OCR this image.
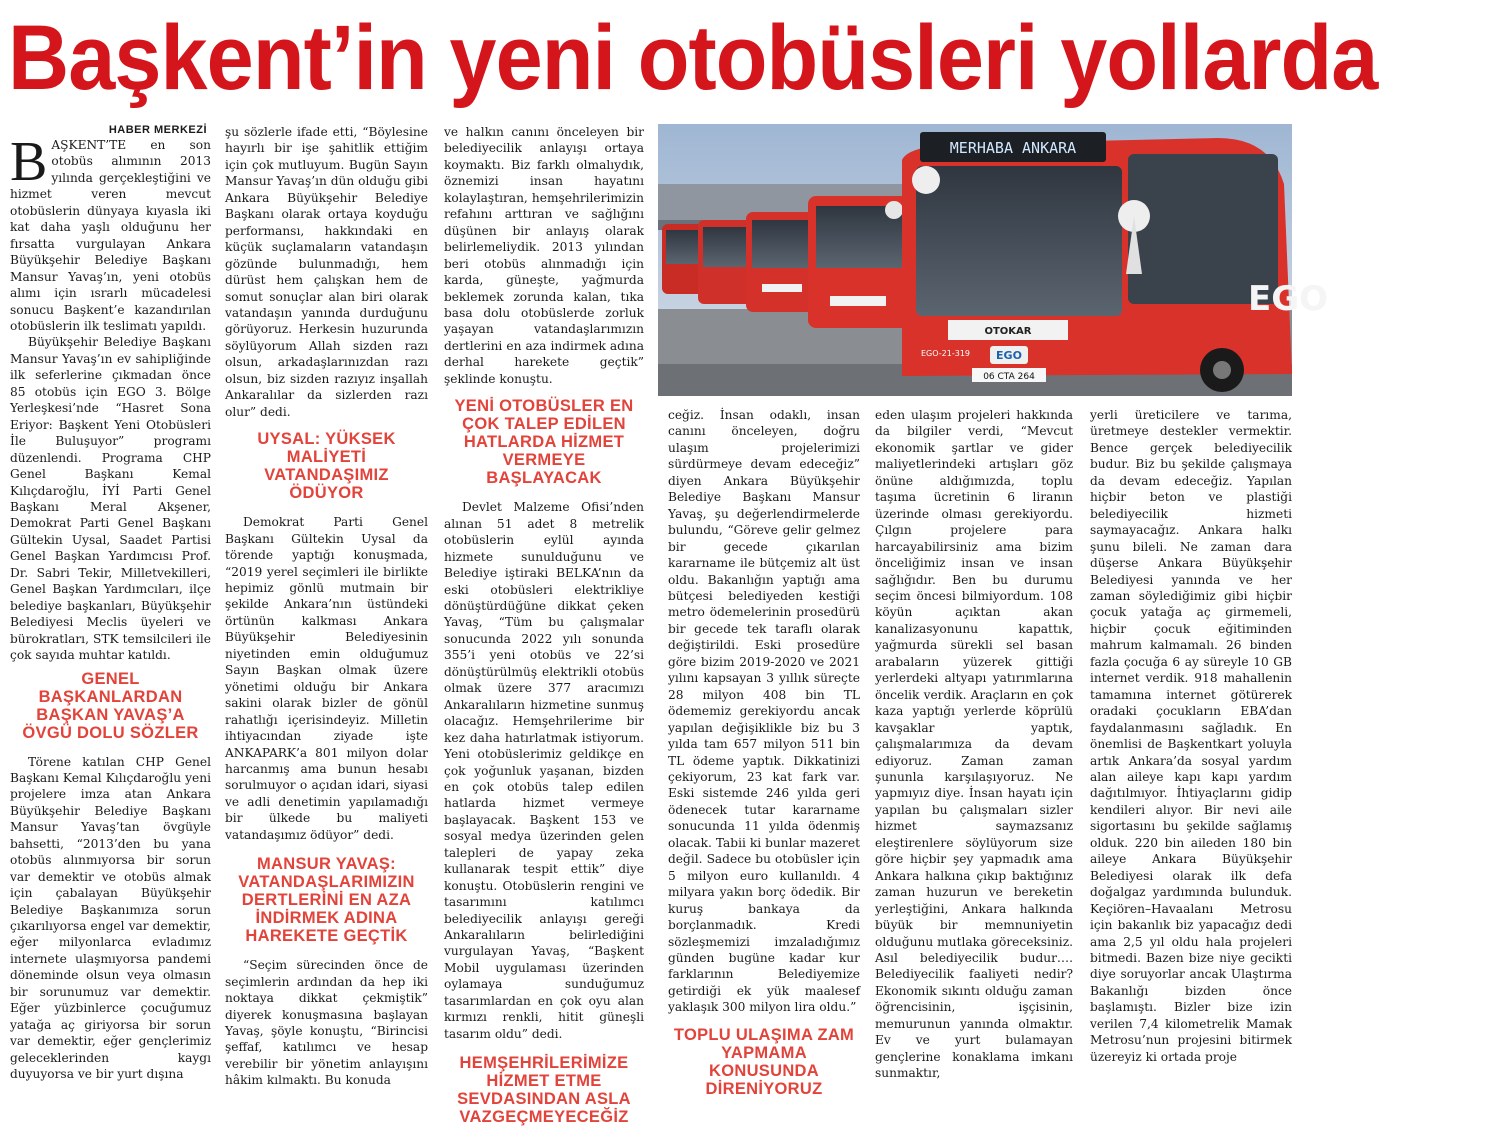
Başkent’in yeni otobüsleri yollarda
HABER MERKEZİ
B AŞKENT’TE en son otobüs alımının 2013 yılında gerçekleştiğini ve hizmet veren mevcut otobüslerin dünyaya kıyasla iki kat daha yaşlı olduğunu her fırsatta vurgulayan Ankara Büyükşehir Belediye Başkanı Mansur Yavaş’ın, yeni otobüs alımı için ısrarlı mücadelesi sonucu Başkent’e kazandırılan otobüslerin ilk teslimatı yapıldı.

Büyükşehir Belediye Başkanı Mansur Yavaş’ın ev sahipliğinde ilk seferlerine çıkmadan önce 85 otobüs için EGO 3. Bölge Yerleşkesi’nde “Hasret Sona Eriyor: Başkent Yeni Otobüsleri İle Buluşuyor” programı düzenlendi. Programa CHP Genel Başkanı Kemal Kılıçdaroğlu, İYİ Parti Genel Başkanı Meral Akşener, Demokrat Parti Genel Başkanı Gültekin Uysal, Saadet Partisi Genel Başkan Yardımcısı Prof. Dr. Sabri Tekir, Milletvekilleri, Genel Başkan Yardımcıları, ilçe belediye başkanları, Büyükşehir Belediyesi Meclis üyeleri ve bürokratları, STK temsilcileri ile çok sayıda muhtar katıldı.

GENEL BAŞKANLARDAN BAŞKAN YAVAŞ’A ÖVGÜ DOLU SÖZLER

Törene katılan CHP Genel Başkanı Kemal Kılıçdaroğlu yeni projelere imza atan Ankara Büyükşehir Belediye Başkanı Mansur Yavaş’tan övgüyle bahsetti, “2013’den bu yana otobüs alınmıyorsa bir sorun var demektir ve otobüs almak için çabalayan Büyükşehir Belediye Başkanımıza sorun çıkarılıyorsa engel var demektir, eğer milyonlarca evladımız internete ulaşmıyorsa pandemi döneminde olsun veya olmasın bir sorunumuz var demektir. Eğer yüzbinlerce çocuğumuz yatağa aç giriyorsa bir sorun var demektir, eğer gençlerimiz geleceklerinden kaygı duyuyorsa ve bir yurt dışına

şu sözlerle ifade etti, “Böylesine hayırlı bir işe şahitlik ettiğim için çok mutluyum. Bugün Sayın Mansur Yavaş’ın dün olduğu gibi Ankara Büyükşehir Belediye Başkanı olarak ortaya koyduğu performansı, hakkındaki en küçük suçlamaların vatandaşın gözünde bulunmadığı, hem dürüst hem çalışkan hem de somut sonuçlar alan biri olarak vatandaşın yanında durduğunu görüyoruz. Herkesin huzurunda söylüyorum Allah sizden razı olsun, arkadaşlarınızdan razı olsun, biz sizden razıyız inşallah Ankaralılar da sizlerden razı olur” dedi.

UYSAL: YÜKSEK MALİYETİ VATANDAŞIMIZ ÖDÜYOR

Demokrat Parti Genel Başkanı Gültekin Uysal da törende yaptığı konuşmada, “2019 yerel seçimleri ile birlikte hepimiz gönlü mutmain bir şekilde Ankara’nın üstündeki örtünün kalkması Ankara Büyükşehir Belediyesinin niyetinden emin olduğumuz Sayın Başkan olmak üzere yönetimi olduğu bir Ankara sakini olarak bizler de gönül rahatlığı içerisindeyiz. Milletin ihtiyacından ziyade işte ANKAPARK’a 801 milyon dolar harcanmış ama bunun hesabı sorulmuyor o açıdan idari, siyasi ve adli denetimin yapılamadığı bir ülkede bu maliyeti vatandaşımız ödüyor” dedi.

MANSUR YAVAŞ: VATANDAŞLARIMIZIN DERTLERİNİ EN AZA İNDİRMEK ADINA HAREKETE GEÇTİK

“Seçim sürecinden önce de seçimlerin ardından da hep iki noktaya dikkat çekmiştik” diyerek konuşmasına başlayan Yavaş, şöyle konuştu, “Birincisi şeffaf, katılımcı ve hesap verebilir bir yönetim anlayışını hâkim kılmaktı. Bu konuda

ve halkın canını önceleyen bir belediyecilik anlayışı ortaya koymaktı. Biz farklı olmalıydık, öznemizi insan hayatını kolaylaştıran, hemşehrilerimizin refahını arttıran ve sağlığını düşünen bir anlayış olarak belirlemeliydik. 2013 yılından beri otobüs alınmadığı için karda, güneşte, yağmurda beklemek zorunda kalan, tıka basa dolu otobüslerde zorluk yaşayan vatandaşlarımızın dertlerini en aza indirmek adına derhal harekete geçtik” şeklinde konuştu.

YENİ OTOBÜSLER EN ÇOK TALEP EDİLEN HATLARDA HİZMET VERMEYE BAŞLAYACAK

Devlet Malzeme Ofisi’nden alınan 51 adet 8 metrelik otobüslerin eylül ayında hizmete sunulduğunu ve Belediye iştiraki BELKA’nın da eski otobüsleri elektrikliye dönüştürdüğüne dikkat çeken Yavaş, “Tüm bu çalışmalar sonucunda 2022 yılı sonunda 355’i yeni otobüs ve 22’si dönüştürülmüş elektrikli otobüs olmak üzere 377 aracımızı Ankaralıların hizmetine sunmuş olacağız. Hemşehrilerime bir kez daha hatırlatmak istiyorum. Yeni otobüslerimiz geldikçe en çok yoğunluk yaşanan, bizden en çok otobüs talep edilen hatlarda hizmet vermeye başlayacak. Başkent 153 ve sosyal medya üzerinden gelen talepleri de yapay zeka kullanarak tespit ettik” diye konuştu. Otobüslerin rengini ve tasarımını katılımcı belediyecilik anlayışı gereği Ankaralıların belirlediğini vurgulayan Yavaş, “Başkent Mobil uygulaması üzerinden oylamaya sunduğumuz tasarımlardan en çok oyu alan kırmızı renkli, hitit güneşli tasarım oldu” dedi.

HEMŞEHRİLERİMİZE HİZMET ETME SEVDASINDAN ASLA VAZGEÇMEYECEĞİZ
MERHABA ANKARA
OTOKAR
EGO
06 CTA 264
EGO-21-319
EGO

ceğiz. İnsan odaklı, insan canını önceleyen, doğru ulaşım projelerimizi sürdürmeye devam edeceğiz” diyen Ankara Büyükşehir Belediye Başkanı Mansur Yavaş, şu değerlendirmelerde bulundu, “Göreve gelir gelmez bir gecede çıkarılan kararname ile bütçemiz alt üst oldu. Bakanlığın yaptığı ama bütçesi belediyeden kestiği metro ödemelerinin prosedürü bir gecede tek taraflı olarak değiştirildi. Eski prosedüre göre bizim 2019-2020 ve 2021 yılını kapsayan 3 yıllık süreçte 28 milyon 408 bin TL ödememiz gerekiyordu ancak yapılan değişiklikle biz bu 3 yılda tam 657 milyon 511 bin TL ödeme yaptık. Dikkatinizi çekiyorum, 23 kat fark var. Eski sistemde 246 yılda geri ödenecek tutar kararname sonucunda 11 yılda ödenmiş olacak. Tabii ki bunlar mazeret değil. Sadece bu otobüsler için 5 milyon euro kullanıldı. 4 milyara yakın borç ödedik. Bir kuruş bankaya da borçlanmadık. Kredi sözleşmemizi imzaladığımız günden bugüne kadar kur farklarının Belediyemize getirdiği ek yük maalesef yaklaşık 300 milyon lira oldu.”

TOPLU ULAŞIMA ZAM YAPMAMA KONUSUNDA DİRENİYORUZ

eden ulaşım projeleri hakkında da bilgiler verdi, “Mevcut ekonomik şartlar ve gider maliyetlerindeki artışları göz önüne aldığımızda, toplu taşıma ücretinin 6 liranın üzerinde olması gerekiyordu. Çılgın projelere para harcayabilirsiniz ama bizim önceliğimiz insan ve insan sağlığıdır. Ben bu durumu seçim öncesi bilmiyordum. 108 köyün açıktan akan kanalizasyonunu kapattık, yağmurda sürekli sel basan arabaların yüzerek gittiği yerlerdeki altyapı yatırımlarına öncelik verdik. Araçların en çok kaza yaptığı yerlerde köprülü kavşaklar yaptık, çalışmalarımıza da devam ediyoruz. Zaman zaman şununla karşılaşıyoruz. Ne yapmıyız diye. İnsan hayatı için yapılan bu çalışmaları sizler hizmet saymazsanız eleştirenlere söylüyorum size göre hiçbir şey yapmadık ama Ankara halkına çıkıp baktığınız zaman huzurun ve bereketin yerleştiğini, Ankara halkında büyük bir memnuniyetin olduğunu mutlaka göreceksiniz. Asıl belediyecilik budur…. Belediyecilik faaliyeti nedir? Ekonomik sıkıntı olduğu zaman öğrencisinin, işçisinin, memurunun yanında olmaktır. Ev ve yurt bulamayan gençlerine konaklama imkanı sunmaktır,

yerli üreticilere ve tarıma, üretmeye destekler vermektir. Bence gerçek belediyecilik budur. Biz bu şekilde çalışmaya da devam edeceğiz. Yapılan hiçbir beton ve plastiği belediyecilik hizmeti saymayacağız. Ankara halkı şunu bileli. Ne zaman dara düşerse Ankara Büyükşehir Belediyesi yanında ve her zaman söylediğimiz gibi hiçbir çocuk yatağa aç girmemeli, hiçbir çocuk eğitiminden mahrum kalmamalı. 26 binden fazla çocuğa 6 ay süreyle 10 GB internet verdik. 918 mahallenin tamamına internet götürerek oradaki çocukların EBA’dan faydalanmasını sağladık. En önemlisi de Başkentkart yoluyla artık Ankara’da sosyal yardım alan aileye kapı kapı yardım dağıtılmıyor. İhtiyaçlarını gidip kendileri alıyor. Bir nevi aile sigortasını bu şekilde sağlamış olduk. 220 bin aileden 180 bin aileye Ankara Büyükşehir Belediyesi olarak ilk defa doğalgaz yardımında bulunduk. Keçiören–Havaalanı Metrosu için bakanlık biz yapacağız dedi ama 2,5 yıl oldu hala projeleri bitmedi. Bazen bize niye gecikti diye soruyorlar ancak Ulaştırma Bakanlığı bizden önce başlamıştı. Bizler bize izin verilen 7,4 kilometrelik Mamak Metrosu’nun projesini bitirmek üzereyiz ki ortada proje
